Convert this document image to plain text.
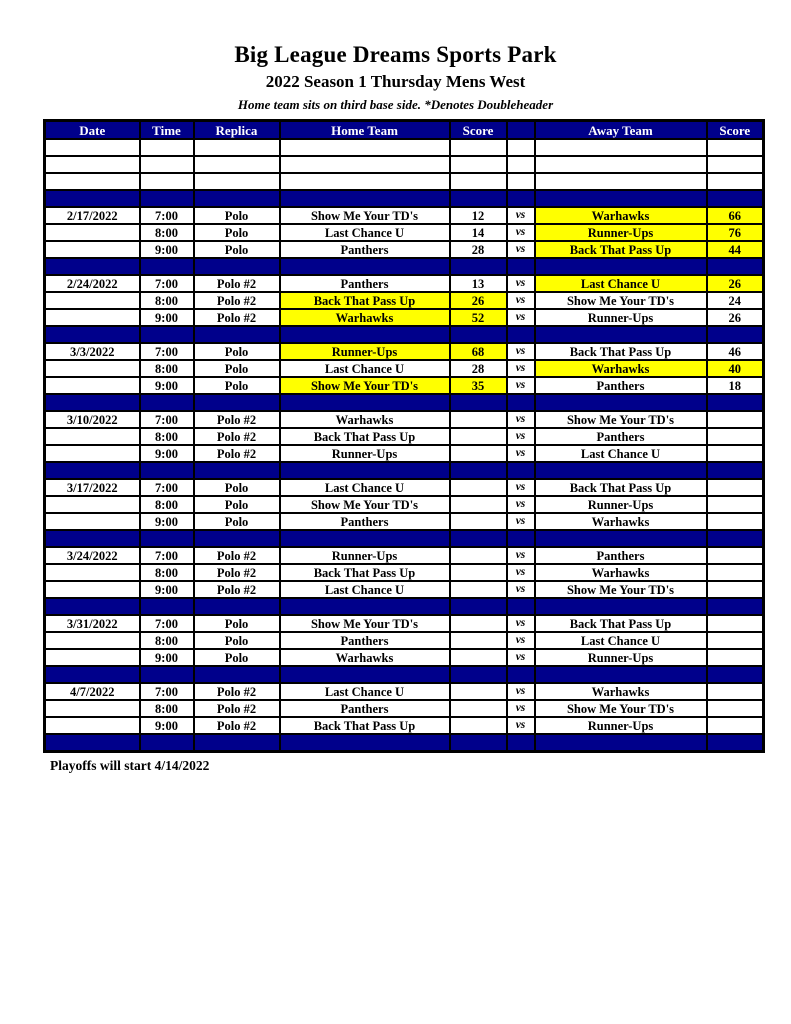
Big League Dreams Sports Park
2022 Season 1 Thursday Mens West

Home team sits on third base side. *Denotes Doubleheader

Date	Time	Replica	Home Team	Score		Away Team	Score

2/17/2022	7:00	Polo	Show Me Your TD's	12	vs	Warhawks	66
	8:00	Polo	Last Chance U	14	vs	Runner-Ups	76
	9:00	Polo	Panthers	28	vs	Back That Pass Up	44

2/24/2022	7:00	Polo #2	Panthers	13	vs	Last Chance U	26
	8:00	Polo #2	Back That Pass Up	26	vs	Show Me Your TD's	24
	9:00	Polo #2	Warhawks	52	vs	Runner-Ups	26

3/3/2022	7:00	Polo	Runner-Ups	68	vs	Back That Pass Up	46
	8:00	Polo	Last Chance U	28	vs	Warhawks	40
	9:00	Polo	Show Me Your TD's	35	vs	Panthers	18

3/10/2022	7:00	Polo #2	Warhawks		vs	Show Me Your TD's	
	8:00	Polo #2	Back That Pass Up		vs	Panthers	
	9:00	Polo #2	Runner-Ups		vs	Last Chance U	

3/17/2022	7:00	Polo	Last Chance U		vs	Back That Pass Up	
	8:00	Polo	Show Me Your TD's		vs	Runner-Ups	
	9:00	Polo	Panthers		vs	Warhawks	

3/24/2022	7:00	Polo #2	Runner-Ups		vs	Panthers	
	8:00	Polo #2	Back That Pass Up		vs	Warhawks	
	9:00	Polo #2	Last Chance U		vs	Show Me Your TD's	

3/31/2022	7:00	Polo	Show Me Your TD's		vs	Back That Pass Up	
	8:00	Polo	Panthers		vs	Last Chance U	
	9:00	Polo	Warhawks		vs	Runner-Ups	

4/7/2022	7:00	Polo #2	Last Chance U		vs	Warhawks	
	8:00	Polo #2	Panthers		vs	Show Me Your TD's	
	9:00	Polo #2	Back That Pass Up		vs	Runner-Ups	

Playoffs will start 4/14/2022
